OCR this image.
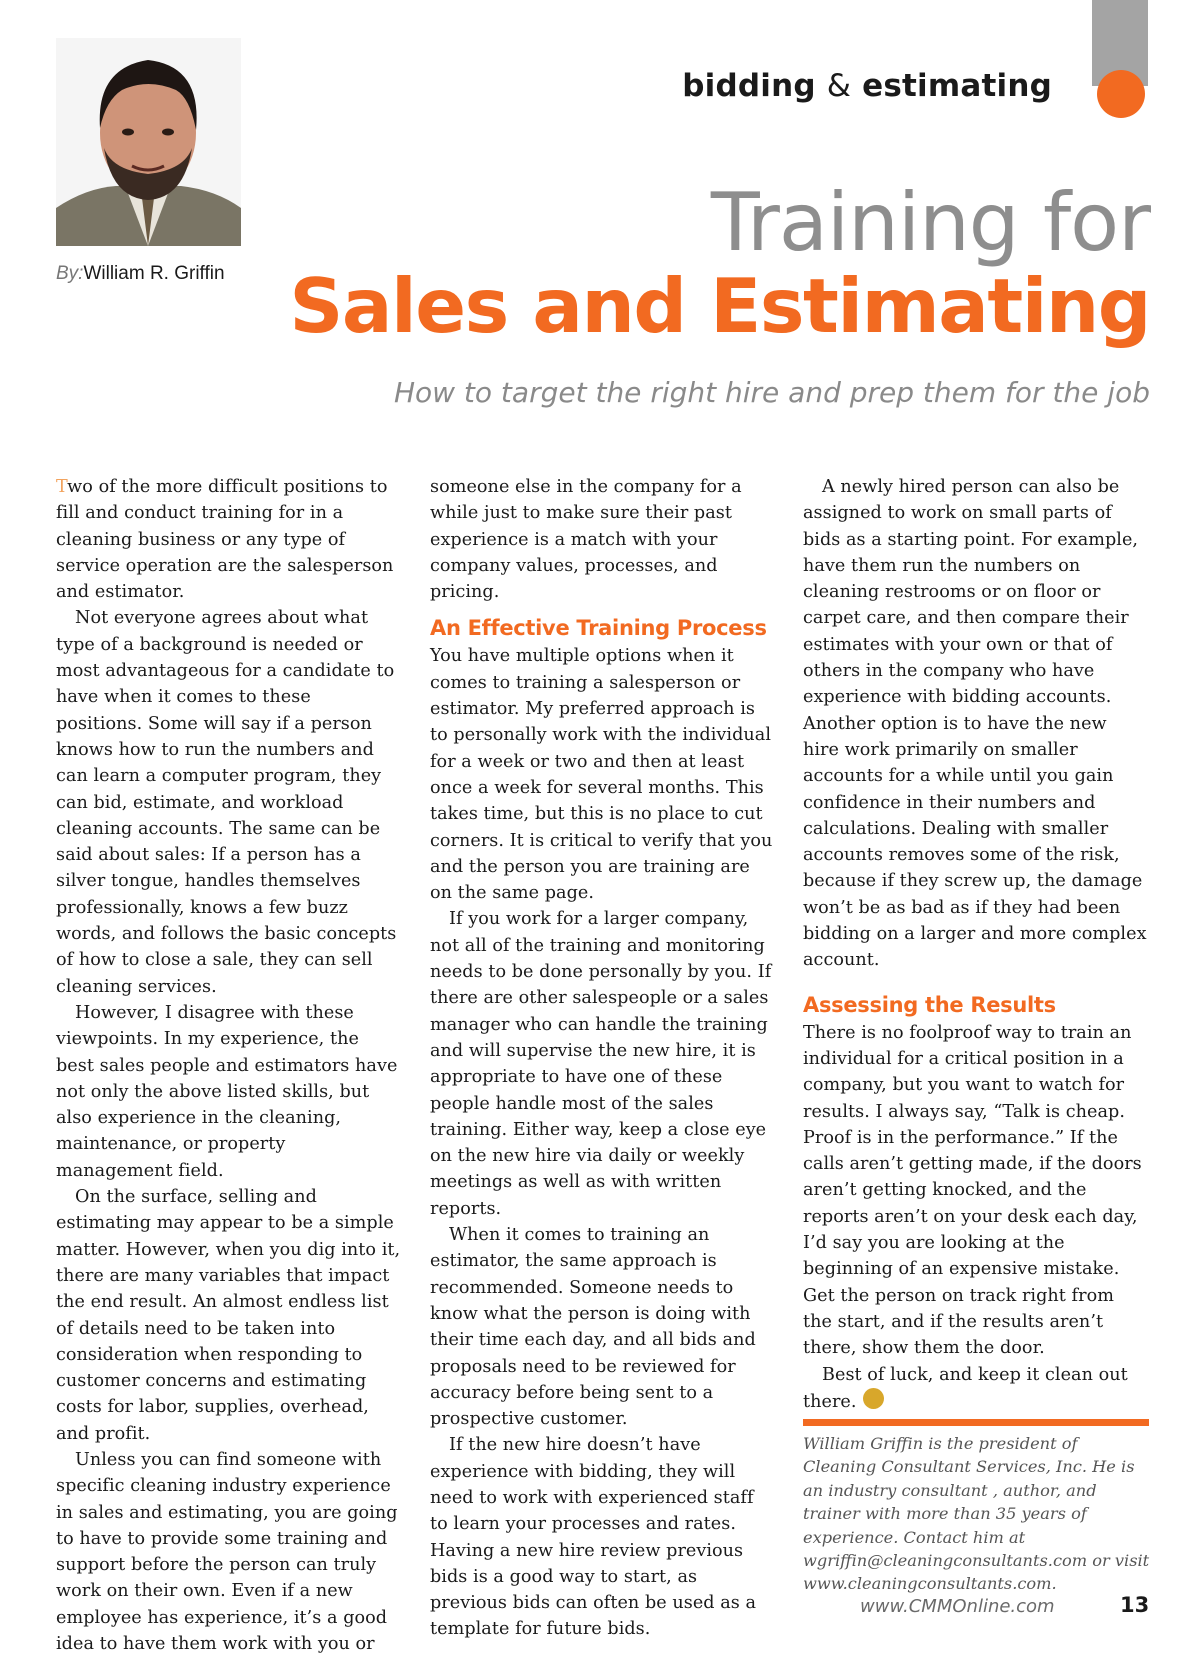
bidding & estimating
By:William R. Griffin
Training for
Sales and Estimating
How to target the right hire and prep them for the job

Two of the more difficult positions to fill and conduct training for in a cleaning business or any type of service operation are the salesperson and estimator.

Not everyone agrees about what type of a background is needed or most advantageous for a candidate to have when it comes to these positions. Some will say if a person knows how to run the numbers and can learn a computer program, they can bid, estimate, and workload cleaning accounts. The same can be said about sales: If a person has a silver tongue, handles themselves professionally, knows a few buzz words, and follows the basic concepts of how to close a sale, they can sell cleaning services.

However, I disagree with these viewpoints. In my experience, the best sales people and estimators have not only the above listed skills, but also experience in the cleaning, maintenance, or property management field.

On the surface, selling and estimating may appear to be a simple matter. However, when you dig into it, there are many variables that impact the end result. An almost endless list of details need to be taken into consideration when responding to customer concerns and estimating costs for labor, supplies, overhead, and profit.

Unless you can find someone with specific cleaning industry experience in sales and estimating, you are going to have to provide some training and support before the person can truly work on their own. Even if a new employee has experience, it’s a good idea to have them work with you or

someone else in the company for a while just to make sure their past experience is a match with your company values, processes, and pricing.

An Effective Training Process

You have multiple options when it comes to training a salesperson or estimator. My preferred approach is to personally work with the individual for a week or two and then at least once a week for several months. This takes time, but this is no place to cut corners. It is critical to verify that you and the person you are training are on the same page.

If you work for a larger company, not all of the training and monitoring needs to be done personally by you. If there are other salespeople or a sales manager who can handle the training and will supervise the new hire, it is appropriate to have one of these people handle most of the sales training. Either way, keep a close eye on the new hire via daily or weekly meetings as well as with written reports.

When it comes to training an estimator, the same approach is recommended. Someone needs to know what the person is doing with their time each day, and all bids and proposals need to be reviewed for accuracy before being sent to a prospective customer.

If the new hire doesn’t have experience with bidding, they will need to work with experienced staff to learn your processes and rates. Having a new hire review previous bids is a good way to start, as previous bids can often be used as a template for future bids.

A newly hired person can also be assigned to work on small parts of bids as a starting point. For example, have them run the numbers on cleaning restrooms or on floor or carpet care, and then compare their estimates with your own or that of others in the company who have experience with bidding accounts. Another option is to have the new hire work primarily on smaller accounts for a while until you gain confidence in their numbers and calculations. Dealing with smaller accounts removes some of the risk, because if they screw up, the damage won’t be as bad as if they had been bidding on a larger and more complex account.

Assessing the Results

There is no foolproof way to train an individual for a critical position in a company, but you want to watch for results. I always say, “Talk is cheap. Proof is in the performance.” If the calls aren’t getting made, if the doors aren’t getting knocked, and the reports aren’t on your desk each day, I’d say you are looking at the beginning of an expensive mistake. Get the person on track right from the start, and if the results aren’t there, show them the door.

Best of luck, and keep it clean out there.

William Griffin is the president of Cleaning Consultant Services, Inc. He is an industry consultant , author, and trainer with more than 35 years of experience. Contact him at wgriffin@cleaningconsultants.com or visit www.cleaningconsultants.com.
www.CMMOnline.com	13
